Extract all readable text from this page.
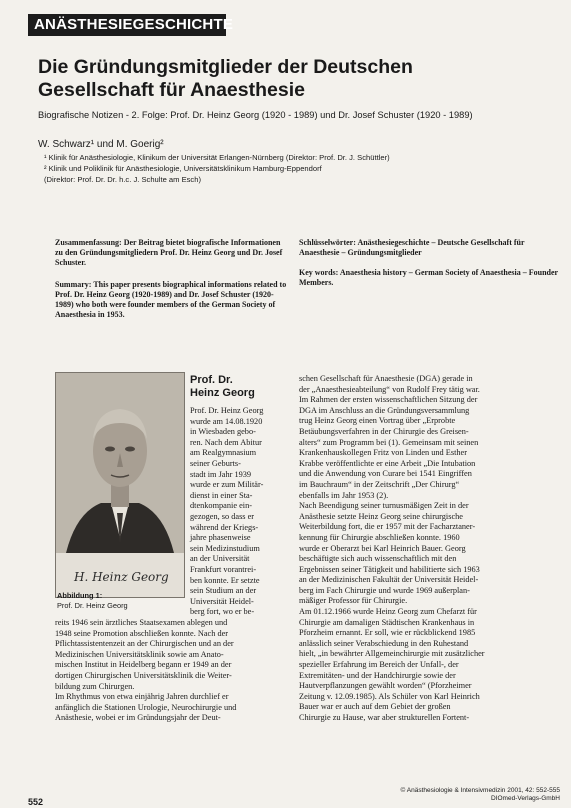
ANÄSTHESIEGESCHICHTE
Die Gründungsmitglieder der Deutschen
Gesellschaft für Anaesthesie
Biografische Notizen - 2. Folge: Prof. Dr. Heinz Georg (1920 - 1989) und Dr. Josef Schuster (1920 - 1989)
W. Schwarz¹ und M. Goerig²
¹ Klinik für Anästhesiologie, Klinikum der Universität Erlangen-Nürnberg (Direktor: Prof. Dr. J. Schüttler)
² Klinik und Poliklinik für Anästhesiologie, Universitätsklinikum Hamburg-Eppendorf
(Direktor: Prof. Dr. Dr. h.c. J. Schulte am Esch)
Zusammenfassung: Der Beitrag bietet biografische Informationen zu den Gründungsmitgliedern Prof. Dr. Heinz Georg und Dr. Josef Schuster.
Summary: This paper presents biographical informations related to Prof. Dr. Heinz Georg (1920-1989) and Dr. Josef Schuster (1920-1989) who both were founder members of the German Society of Anaesthesia in 1953.
Schlüsselwörter: Anästhesiegeschichte – Deutsche Gesellschaft für Anaesthesie – Gründungsmitglieder
Key words: Anaesthesia history – German Society of Anaesthesia – Founder Members.
H. Heinz Georg
Abbildung 1:
Prof. Dr. Heinz Georg
Prof. Dr.
Heinz Georg
Prof. Dr. Heinz Georg
wurde am 14.08.1920
in Wiesbaden gebo-
ren. Nach dem Abitur
am Realgymnasium
seiner Geburts-
stadt im Jahr 1939
wurde er zum Militär-
dienst in einer Sta-
dtenkompanie ein-
gezogen, so dass er
während der Kriegs-
jahre phasenweise
sein Medizinstudium
an der Universität
Frankfurt vorantrei-
ben konnte. Er setzte
sein Studium an der
Universität Heidel-
berg fort, wo er be-
reits 1946 sein ärztliches Staatsexamen ablegen und
1948 seine Promotion abschließen konnte. Nach der
Pflichtassistentenzeit an der Chirurgischen und an der
Medizinischen Universitätsklinik sowie am Anato-
mischen Institut in Heidelberg begann er 1949 an der
dortigen Chirurgischen Universitätsklinik die Weiter-
bildung zum Chirurgen.
Im Rhythmus von etwa einjährig Jahren durchlief er
anfänglich die Stationen Urologie, Neurochirurgie und
Anästhesie, wobei er im Gründungsjahr der Deut-
schen Gesellschaft für Anaesthesie (DGA) gerade in
der „Anaesthesieabteilung“ von Rudolf Frey tätig war.
Im Rahmen der ersten wissenschaftlichen Sitzung der
DGA im Anschluss an die Gründungsversammlung
trug Heinz Georg einen Vortrag über „Erprobte
Betäubungsverfahren in der Chirurgie des Greisen-
alters“ zum Programm bei (1). Gemeinsam mit seinen
Krankenhauskollegen Fritz von Linden und Esther
Krabbe veröffentlichte er eine Arbeit „Die Intubation
und die Anwendung von Curare bei 1541 Eingriffen
im Bauchraum“ in der Zeitschrift „Der Chirurg“
ebenfalls im Jahr 1953 (2).
Nach Beendigung seiner turnusmäßigen Zeit in der
Anästhesie setzte Heinz Georg seine chirurgische
Weiterbildung fort, die er 1957 mit der Facharztaner-
kennung für Chirurgie abschließen konnte. 1960
wurde er Oberarzt bei Karl Heinrich Bauer. Georg
beschäftigte sich auch wissenschaftlich mit den
Ergebnissen seiner Tätigkeit und habilitierte sich 1963
an der Medizinischen Fakultät der Universität Heidel-
berg im Fach Chirurgie und wurde 1969 außerplan-
mäßiger Professor für Chirurgie.
Am 01.12.1966 wurde Heinz Georg zum Chefarzt für
Chirurgie am damaligen Städtischen Krankenhaus in
Pforzheim ernannt. Er soll, wie er rückblickend 1985
anlässlich seiner Verabschiedung in den Ruhestand
hielt, „in bewährter Allgemeinchirurgie mit zusätzlicher
spezieller Erfahrung im Bereich der Unfall-, der
Extremitäten- und der Handchirurgie sowie der
Hautverpflanzungen gewählt worden“ (Pforzheimer
Zeitung v. 12.09.1985). Als Schüler von Karl Heinrich
Bauer war er auch auf dem Gebiet der großen
Chirurgie zu Hause, war aber strukturellen Fortent-
552
© Anästhesiologie & Intensivmedizin 2001, 42: 552-555
DIOmed-Verlags-GmbH
